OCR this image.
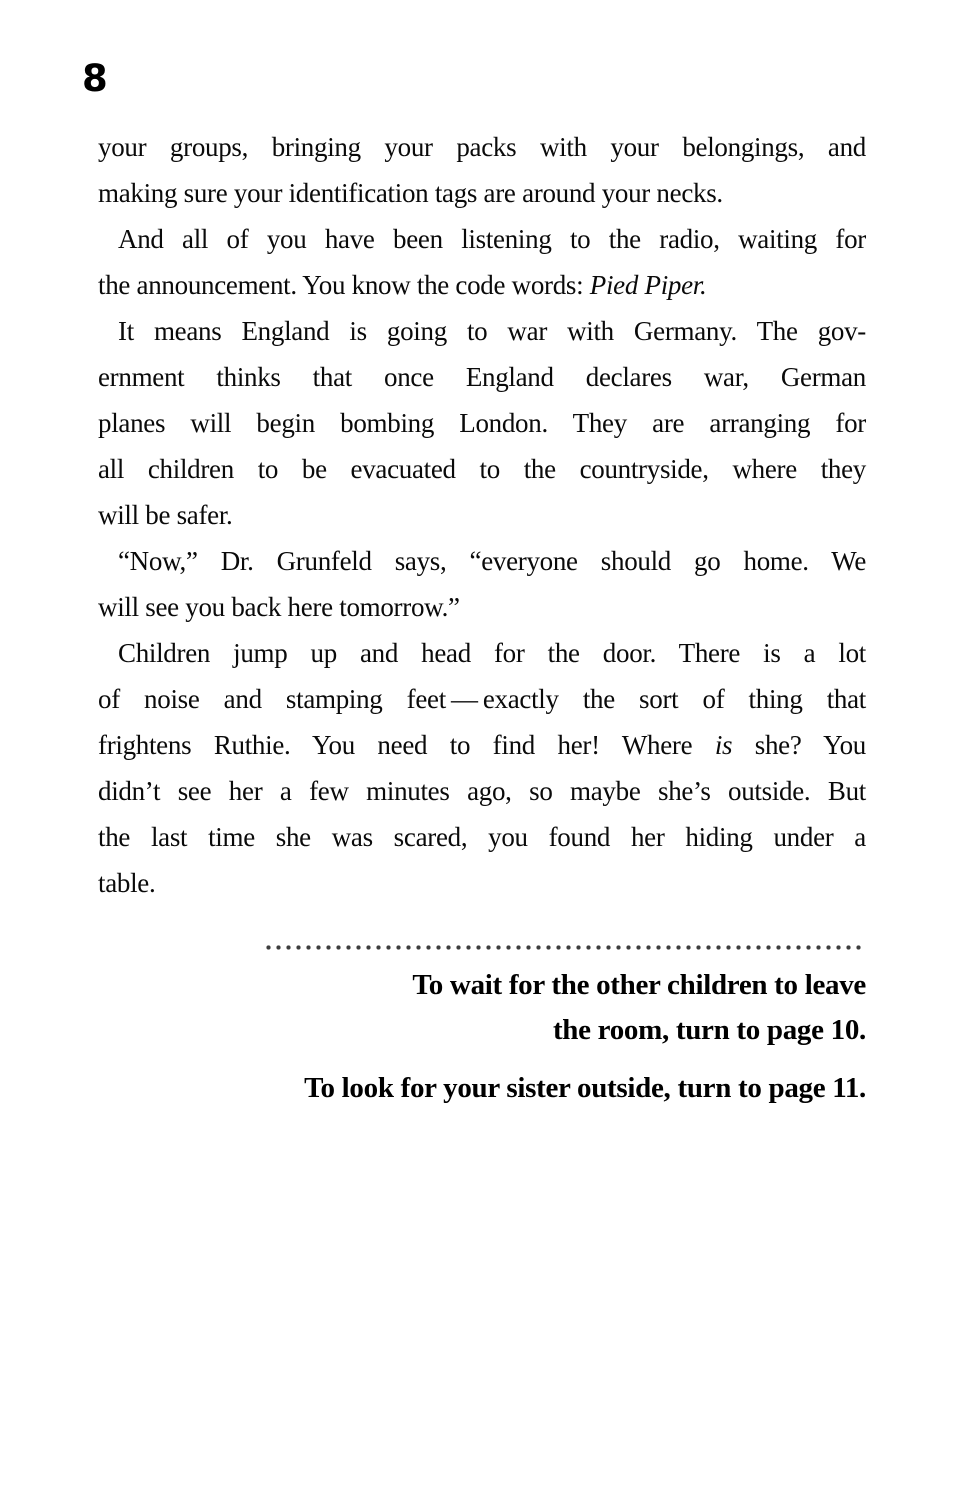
8
your groups, bringing your packs with your belongings, and
making sure your identification tags are around your necks.
And all of you have been listening to the radio, waiting for
the announcement. You know the code words: Pied Piper.
It means England is going to war with Germany. The gov-
ernment thinks that once England declares war, German
planes will begin bombing London. They are arranging for
all children to be evacuated to the countryside, where they
will be safer.
“Now,” Dr. Grunfeld says, “everyone should go home. We
will see you back here tomorrow.”
Children jump up and head for the door. There is a lot
of noise and stamping feet — exactly the sort of thing that
frightens Ruthie. You need to find her! Where is she? You
didn’t see her a few minutes ago, so maybe she’s outside. But
the last time she was scared, you found her hiding under a
table.
To wait for the other children to leave
the room, turn to page 10.
To look for your sister outside, turn to page 11.
